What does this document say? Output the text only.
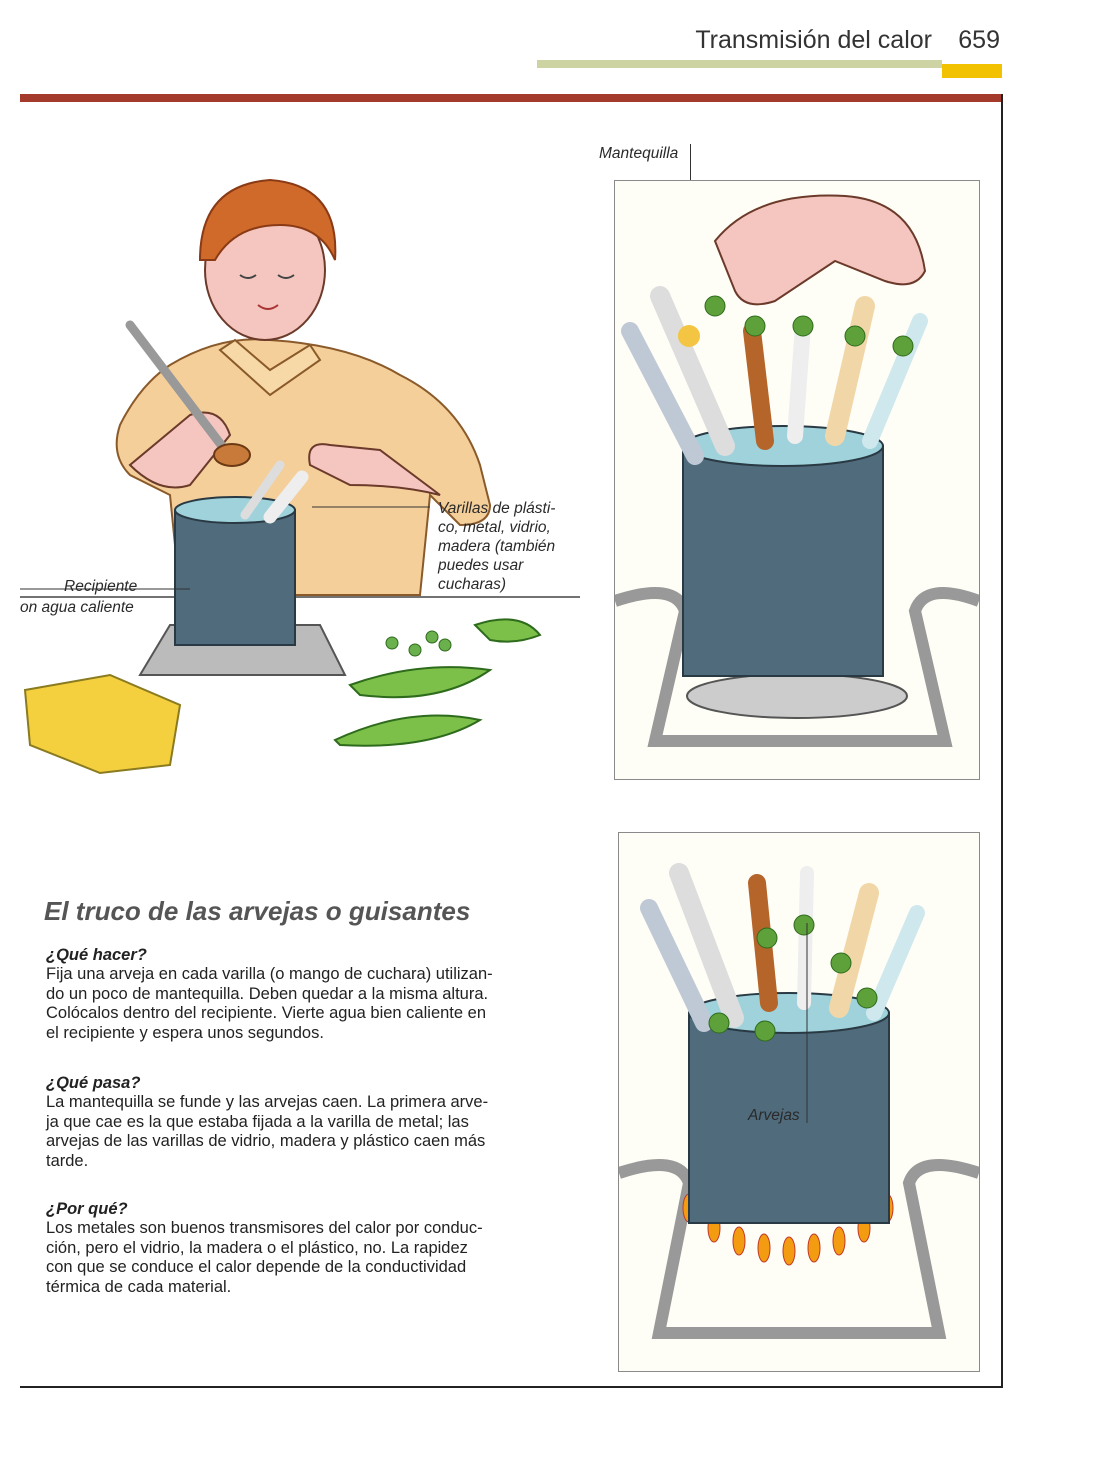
Transmisión del calor 659
Varillas de plásti-
co, metal, vidrio,
madera (también
puedes usar
cucharas)
Recipiente
on agua caliente
Mantequilla
Arvejas
El truco de las arvejas o guisantes
¿Qué hacer?
Fija una arveja en cada varilla (o mango de cuchara) utilizan-
do un poco de mantequilla. Deben quedar a la misma altura.
Colócalos dentro del recipiente. Vierte agua bien caliente en
el recipiente y espera unos segundos.
¿Qué pasa?
La mantequilla se funde y las arvejas caen. La primera arve-
ja que cae es la que estaba fijada a la varilla de metal; las
arvejas de las varillas de vidrio, madera y plástico caen más
tarde.
¿Por qué?
Los metales son buenos transmisores del calor por conduc-
ción, pero el vidrio, la madera o el plástico, no. La rapidez
con que se conduce el calor depende de la conductividad
térmica de cada material.
